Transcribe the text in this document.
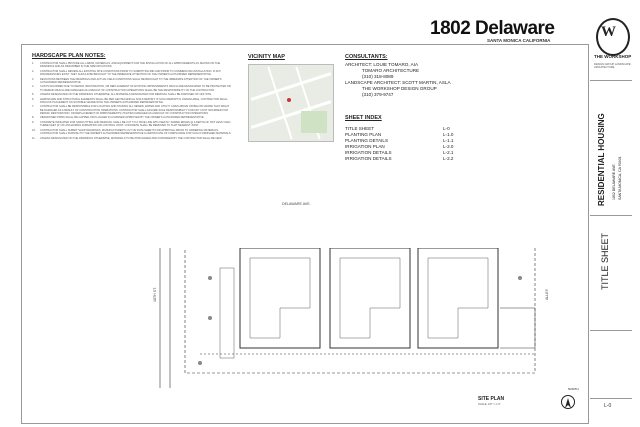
1802 Delaware
SANTA MONICA CALIFORNIA
W
THE WORKSHOP
DESIGN GROUP LANDSCAPE ARCHITECTURE
HARDSCAPE PLAN NOTES:
1.	CONTRACTOR SHALL PROVIDE ALL LABOR, MATERIALS, AND EQUIPMENT FOR THE INSTALLATION OF ALL IMPROVEMENTS AS SHOWN ON THE DRAWINGS AND AS DESCRIBED IN THE SPECIFICATIONS.
2.	CONTRACTOR SHALL REVIEW ALL EXISTING SITE CONDITIONS PRIOR TO SUBMITTING BID AND PRIOR TO COMMENCING INSTALLATION. IF ANY DISCREPANCIES EXIST, THEY SHOULD BE BROUGHT TO THE IMMEDIATE ATTENTION OF THE OWNER'S AUTHORIZED REPRESENTATIVE.
3.	DEVIATIONS BETWEEN THE DRAWINGS AND ACTUAL FIELD CONDITIONS SHALL BE BROUGHT TO THE IMMEDIATE ATTENTION OF THE OWNER'S AUTHORIZED REPRESENTATIVE.
4.	COSTS INCURRED DUE TO REPAIR, RESTORATION, OR REPLACEMENT OF EXISTING IMPROVEMENTS WHICH ARE DESIGNATED TO BE PROTECTED OR TO REMAIN WHICH ARE DAMAGED AS A RESULT OF CONSTRUCTION OPERATIONS SHALL BE THE RESPONSIBILITY OF THE CONTRACTOR.
5.	UNLESS DESIGNATED ON THE DRAWINGS OTHERWISE, ALL MATERIALS DESIGNATED FOR REMOVAL SHALL BE DISPOSED OF OFF SITE.
6.	HARDSCAPE AND STRUCTURAL ELEMENTS SHALL BE PER GEOTECHNICAL SOILS REPORT. IF SUCH REPORT IS UNAVAILABLE, CONTRACTOR SHALL DISCUSS PLACEMENT ON SUITABLE GRADE WITH THE OWNER'S AUTHORIZED REPRESENTATIVE.
7.	CONTRACTOR SHALL BE RESPONSIBLE FOR LOCATING AND STAKING ALL SEWER, WATER AND UTILITY LINES ABOVE OR BELOW GRADE THAT MIGHT BE DAMAGED AS A RESULT OF CONSTRUCTION OPERATIONS. CONTRACTOR SHALL ASSUME SOLE RESPONSIBILITY FOR ANY COST INCURRED FOR REPAIR, RESTORATION, OR REPLACEMENT OF IMPROVEMENTS UTILITIES DAMAGED AS A RESULT OF CONSTRUCTION OPERATIONS.
8.	ABANDONED PIPES SHALL BE CAPPED OR PLUGGED IN A MANNER APPROVED BY THE OWNER'S AUTHORIZED REPRESENTATIVE.
9.	CONCRETE INDICATED FOR SAWCUTTING AND REMOVAL SHALL BE CUT TO A TRUE LINE WITH NEATLY SAWED EDGES @ A DEPTH OF NOT LESS THAN THREE FEET (3') OF ANCHORING FORMATION OR CONTROL JOINT. CONCRETE SHALL BE REMOVED TO THAT NEAREST JOINT.
10.	CONTRACTOR SHALL SUBMIT SHOP DRAWINGS, MANUFACTURER'S CUT OR DATA SHEETS FOR APPROVAL PRIOR TO ORDERING MATERIALS. CONTRACTOR SHALL FURNISH TO THE OWNER'S AUTHORIZED REPRESENTATIVE A CERTIFICATE OF COMPLIANCE FOR SUCH FURNISHED MATERIALS.
11.	UNLESS DESIGNATED ON THE DRAWINGS OTHERWISE, MATERIALS TO BE PURCHASED AND FURNISHED BY THE CONTRACTOR SHALL BE NEW.
VICINITY MAP	CONSULTANTS:
ARCHITECT: LOUIE TOMARO, AIA
TOMARO ARCHITECTURE
(310) 318-8089
LANDSCAPE ARCHITECT: SCOTT MARTIN, ASLA
THE WORKSHOP DESIGN GROUP
(310) 379-9747
SHEET INDEX
TITLE SHEET	L-0
PLANTING PLAN	L-1.0
PLANTING DETAILS	L-1.1
IRRIGATION PLAN	L-2.0
IRRIGATION DETAILS	L-2.1
IRRIGATION DETAILS	L-2.2	RESIDENTIAL HOUSING 1802 DELAWARE AVE. SANTA MONICA, CA 90404
TITLE SHEET
L-0
DELAWARE AVE.
18TH ST.	ALLEY
SITE PLAN
SCALE: 1/8" = 1'-0"
NORTH
